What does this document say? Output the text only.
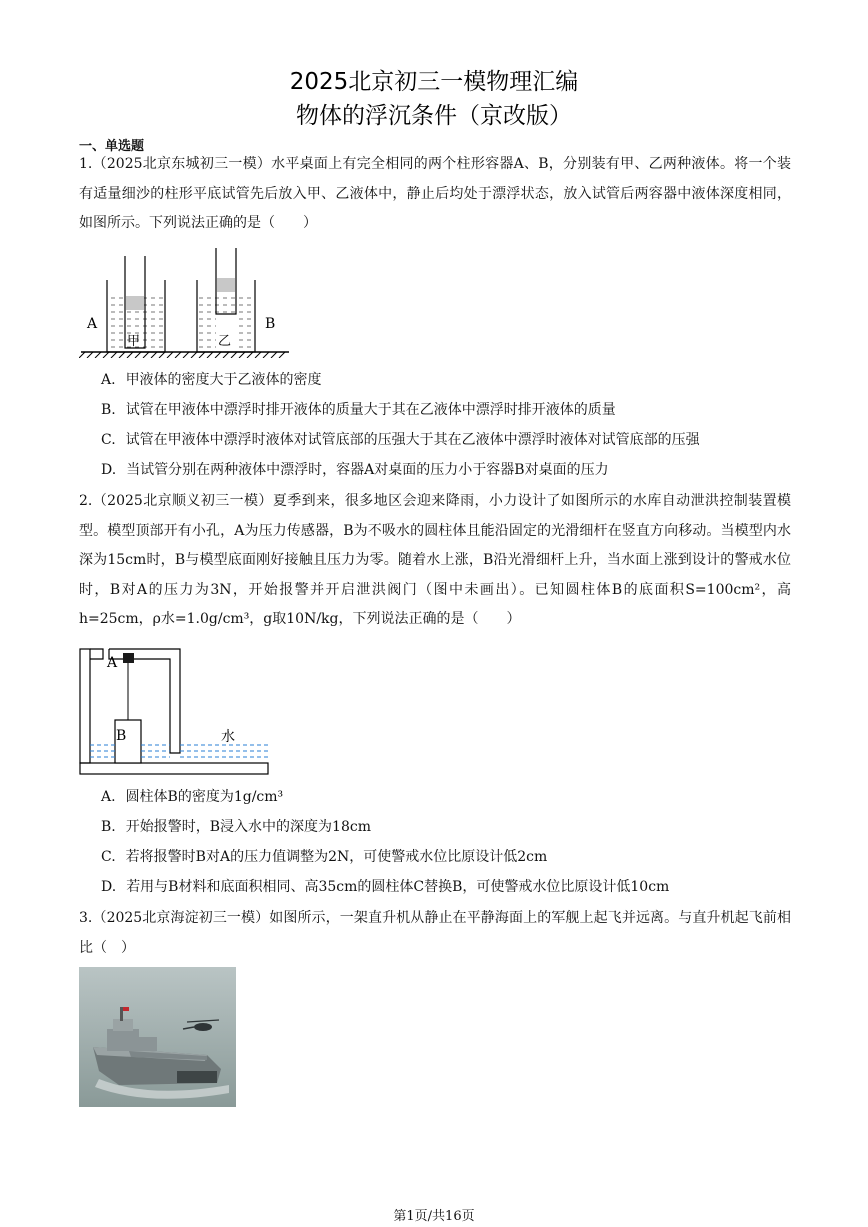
2025北京初三一模物理汇编
物体的浮沉条件（京改版）
一、单选题
1.（2025北京东城初三一模）水平桌面上有完全相同的两个柱形容器A、B，分别装有甲、乙两种液体。将一个装有适量细沙的柱形平底试管先后放入甲、乙液体中，静止后均处于漂浮状态，放入试管后两容器中液体深度相同，如图所示。下列说法正确的是（　　）
A	B
甲	乙
A. 甲液体的密度大于乙液体的密度
B. 试管在甲液体中漂浮时排开液体的质量大于其在乙液体中漂浮时排开液体的质量
C. 试管在甲液体中漂浮时液体对试管底部的压强大于其在乙液体中漂浮时液体对试管底部的压强
D. 当试管分别在两种液体中漂浮时，容器A对桌面的压力小于容器B对桌面的压力
2.（2025北京顺义初三一模）夏季到来，很多地区会迎来降雨，小力设计了如图所示的水库自动泄洪控制装置模型。模型顶部开有小孔，A为压力传感器，B为不吸水的圆柱体且能沿固定的光滑细杆在竖直方向移动。当模型内水深为15cm时，B与模型底面刚好接触且压力为零。随着水上涨，B沿光滑细杆上升，当水面上涨到设计的警戒水位时，B对A的压力为3N，开始报警并开启泄洪阀门（图中未画出）。已知圆柱体B的底面积S=100cm²，高h=25cm，ρ水=1.0g/cm³，g取10N/kg，下列说法正确的是（　　）
A
B	水
A. 圆柱体B的密度为1g/cm³
B. 开始报警时，B浸入水中的深度为18cm
C. 若将报警时B对A的压力值调整为2N，可使警戒水位比原设计低2cm
D. 若用与B材料和底面积相同、高35cm的圆柱体C替换B，可使警戒水位比原设计低10cm
3.（2025北京海淀初三一模）如图所示，一架直升机从静止在平静海面上的军舰上起飞并远离。与直升机起飞前相比（　）
第1页/共16页
